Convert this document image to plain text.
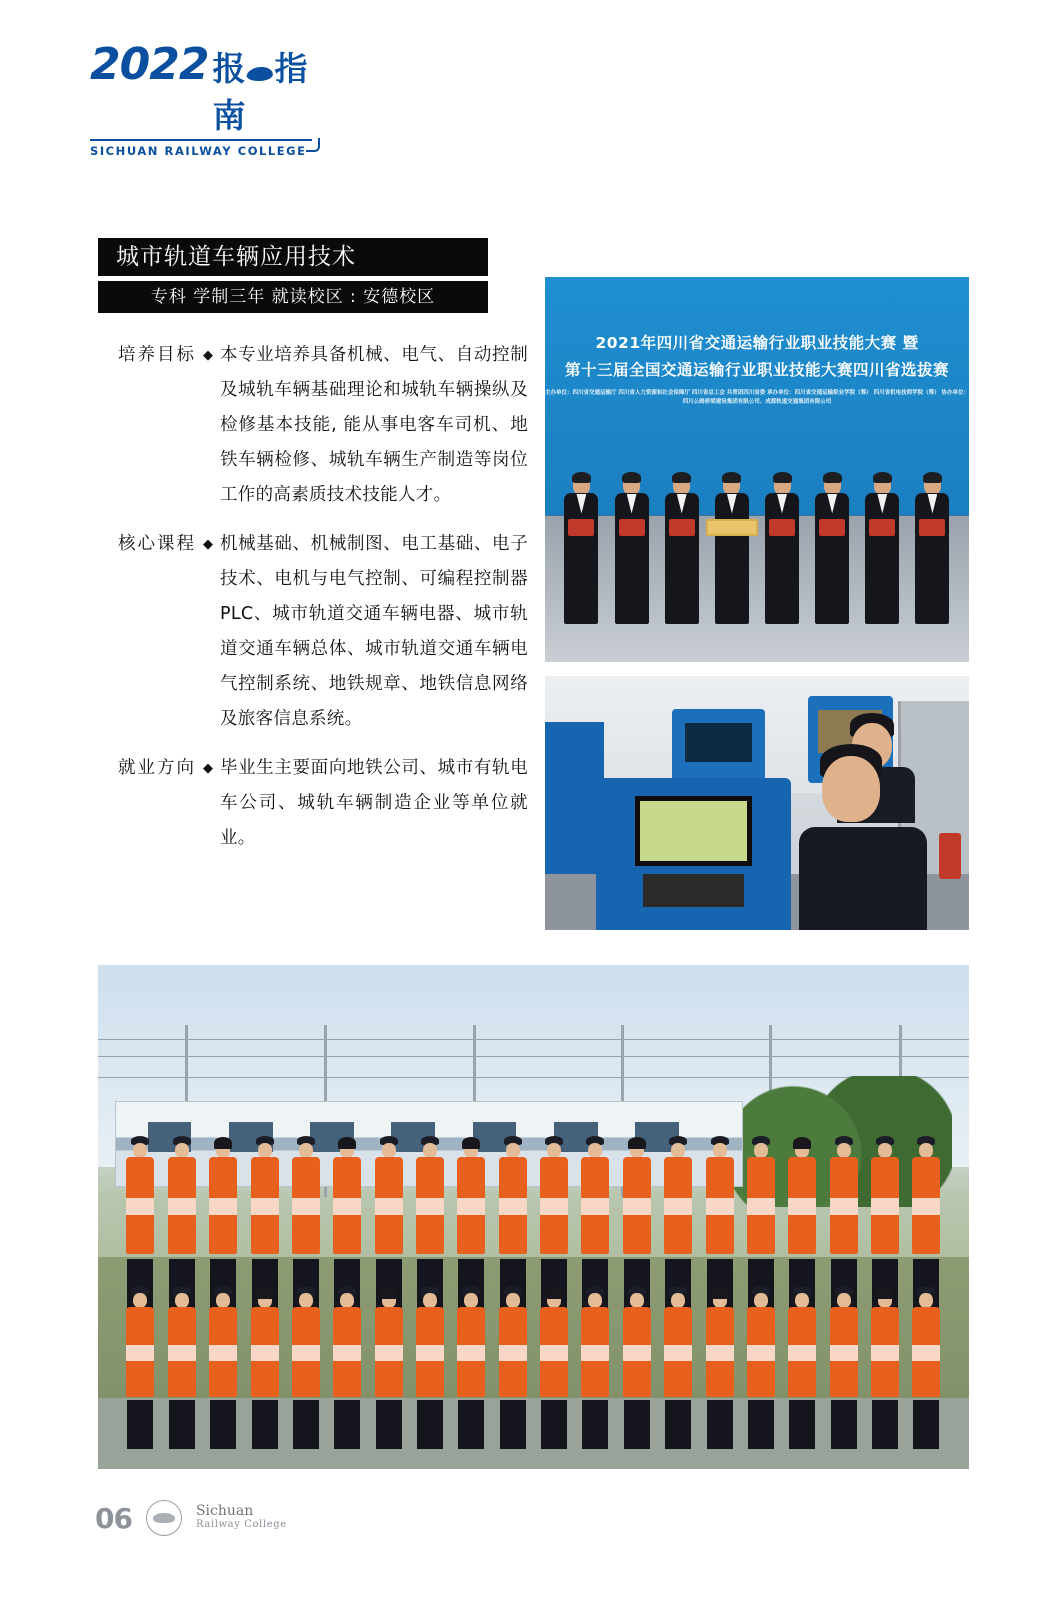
2022 报 指南
SICHUAN RAILWAY COLLEGE
城市轨道车辆应用技术
专科 学制三年 就读校区 : 安德校区
培养目标 ◆ 本专业培养具备机械、电气、自动控制及城轨车辆基础理论和城轨车辆操纵及检修基本技能, 能从事电客车司机、地铁车辆检修、城轨车辆生产制造等岗位工作的高素质技术技能人才。
核心课程 ◆ 机械基础、机械制图、电工基础、电子技术、电机与电气控制、可编程控制器PLC、城市轨道交通车辆电器、城市轨道交通车辆总体、城市轨道交通车辆电气控制系统、地铁规章、地铁信息网络及旅客信息系统。
就业方向 ◆ 毕业生主要面向地铁公司、城市有轨电车公司、城轨车辆制造企业等单位就业。
2021年四川省交通运输行业职业技能大赛 暨
第十三届全国交通运输行业职业技能大赛四川省选拔赛
主办单位：四川省交通运输厅 四川省人力资源和社会保障厅 四川省总工会 共青团四川省委 承办单位：四川省交通运输职业学院（筹） 四川省机电技师学院（筹） 协办单位：四川公路桥梁建设集团有限公司、成都轨道交通集团有限公司
06	Sichuan
Railway College
